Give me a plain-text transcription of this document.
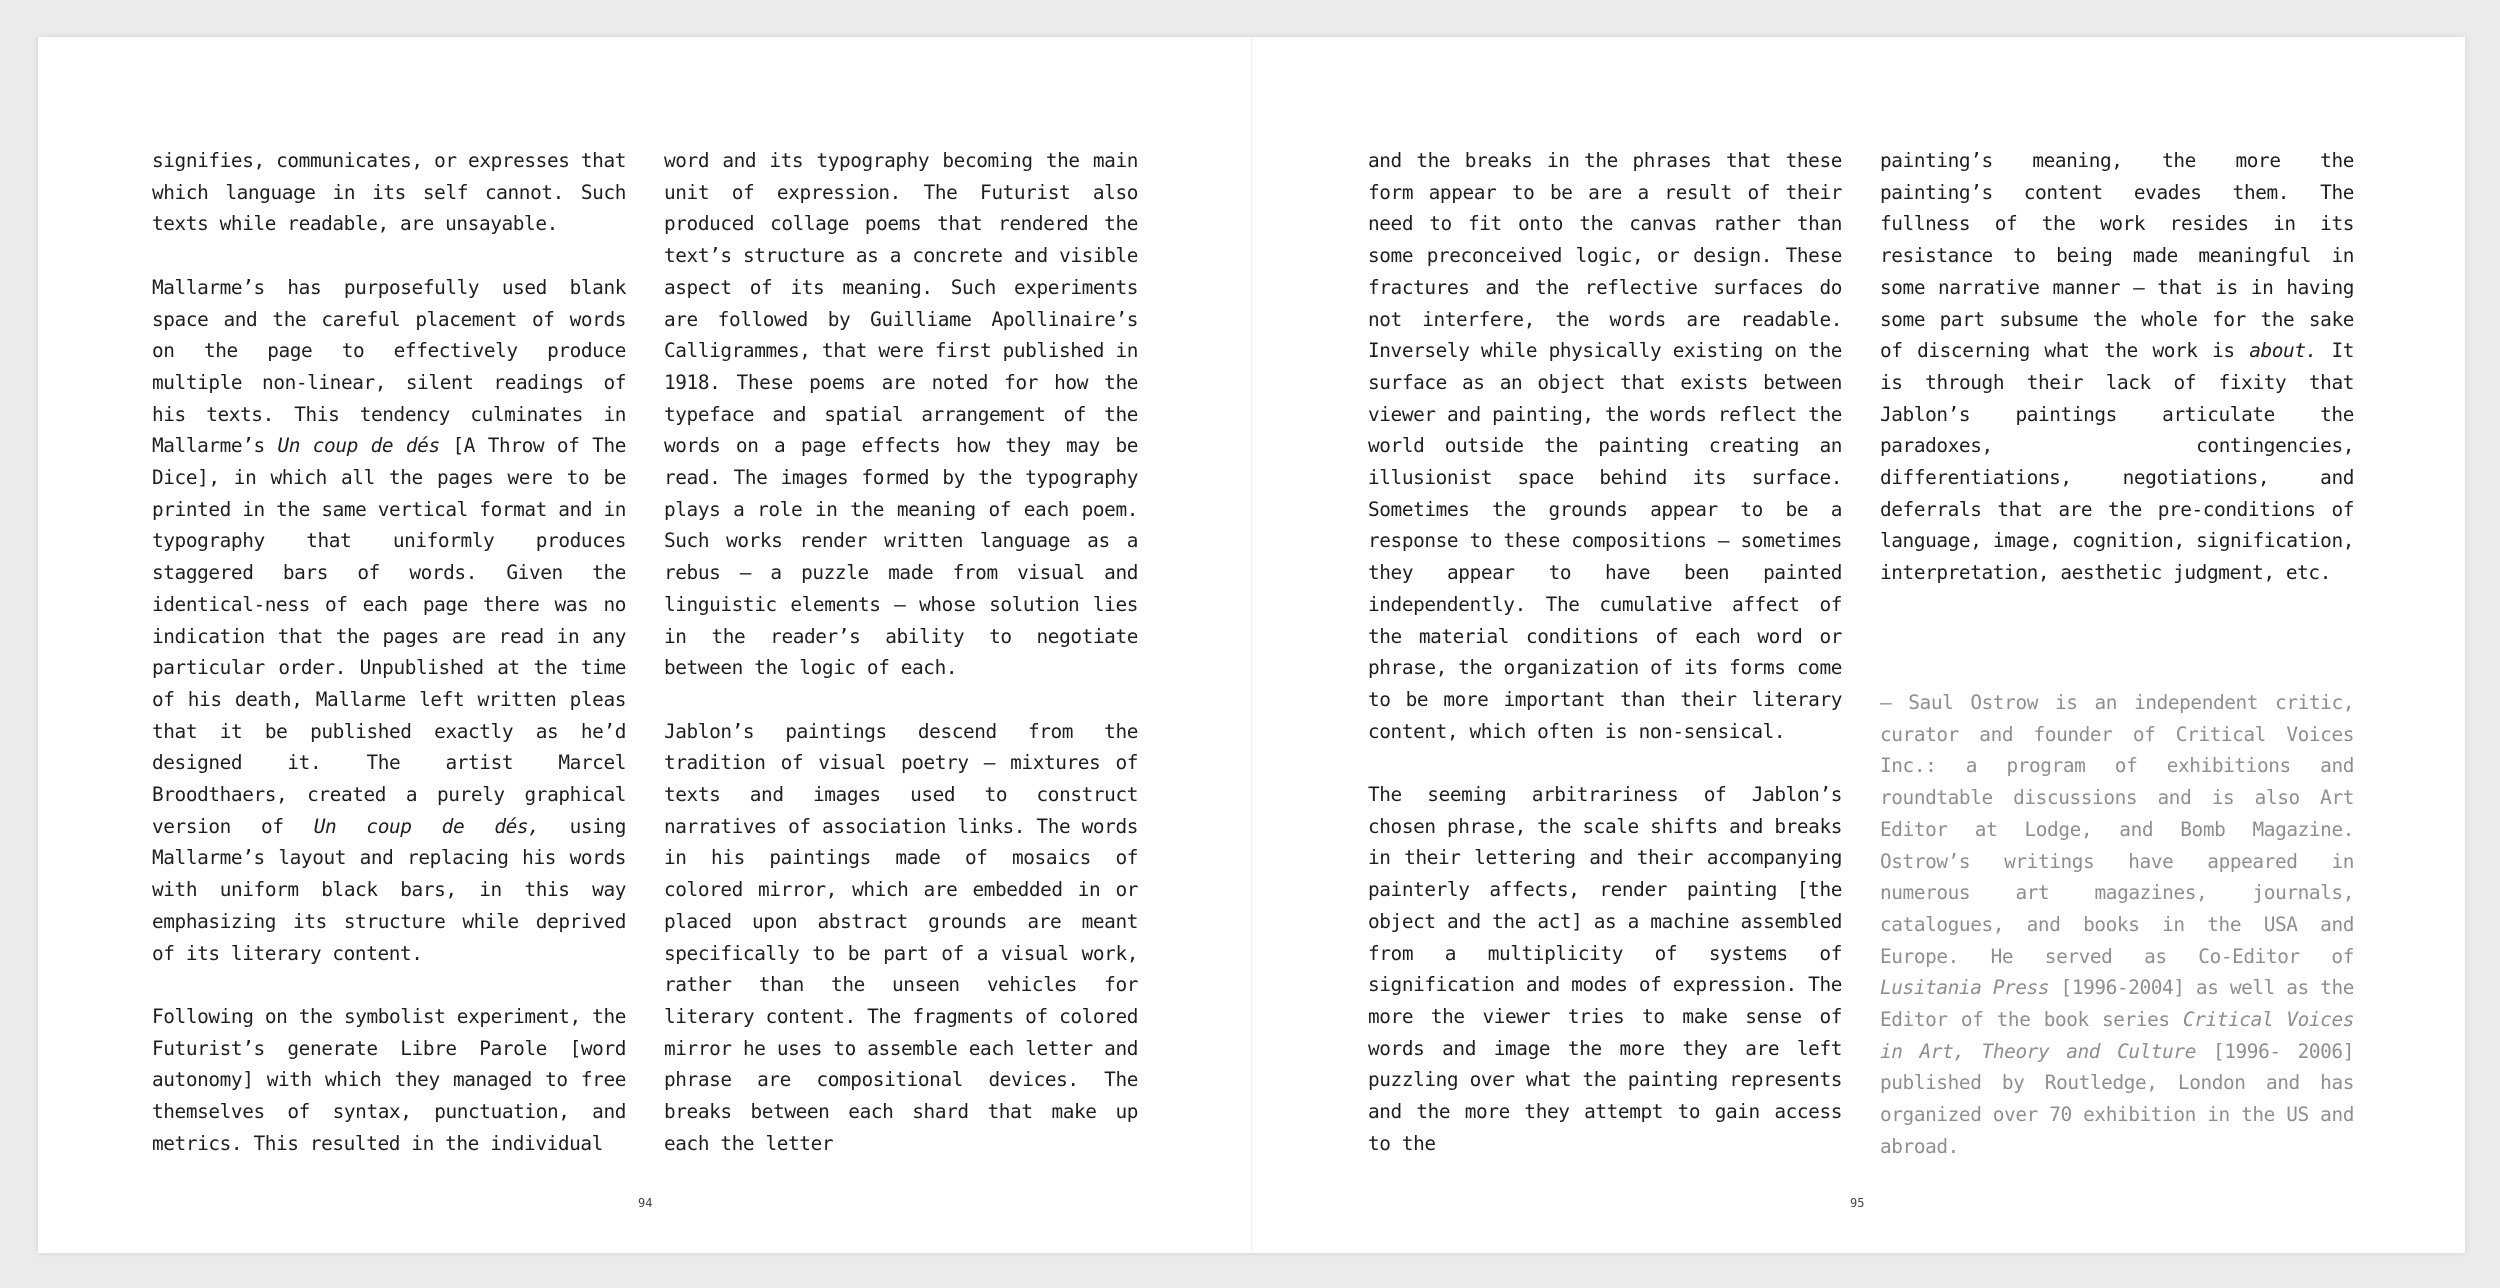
signifies, communicates, or expresses that which language in its self cannot. Such texts while readable, are unsayable.

Mallarme’s has purposefully used blank space and the careful placement of words on the page to effectively produce multiple non-linear, silent readings of his texts. This tendency culminates in Mallarme’s Un coup de dés [A Throw of The Dice], in which all the pages were to be printed in the same vertical format and in typography that uniformly produces staggered bars of words. Given the identical-ness of each page there was no indication that the pages are read in any particular order. Unpublished at the time of his death, Mallarme left written pleas that it be published exactly as he’d designed it. The artist Marcel Broodthaers, created a purely graphical version of Un coup de dés, using Mallarme’s layout and replacing his words with uniform black bars, in this way emphasizing its structure while deprived of its literary content.

Following on the symbolist experiment, the Futurist’s generate Libre Parole [word autonomy] with which they managed to free themselves of syntax, punctuation, and metrics. This resulted in the individual

word and its typography becoming the main unit of expression. The Futurist also produced collage poems that rendered the text’s structure as a concrete and visible aspect of its meaning. Such experiments are followed by Guilliame Apollinaire’s Calligrammes, that were first published in 1918. These poems are noted for how the typeface and spatial arrangement of the words on a page effects how they may be read. The images formed by the typography plays a role in the meaning of each poem. Such works render written language as a rebus — a puzzle made from visual and linguistic elements — whose solution lies in the reader’s ability to negotiate between the logic of each.

Jablon’s paintings descend from the tradition of visual poetry — mixtures of texts and images used to construct narratives of association links. The words in his paintings made of mosaics of colored mirror, which are embedded in or placed upon abstract grounds are meant specifically to be part of a visual work, rather than the unseen vehicles for literary content. The fragments of colored mirror he uses to assemble each letter and phrase are compositional devices. The breaks between each shard that make up each the letter

94

and the breaks in the phrases that these form appear to be are a result of their need to fit onto the canvas rather than some preconceived logic, or design. These fractures and the reflective surfaces do not interfere, the words are readable. Inversely while physically existing on the surface as an object that exists between viewer and painting, the words reflect the world outside the painting creating an illusionist space behind its surface. Sometimes the grounds appear to be a response to these compositions — sometimes they appear to have been painted independently. The cumulative affect of the material conditions of each word or phrase, the organization of its forms come to be more important than their literary content, which often is non-sensical.

The seeming arbitrariness of Jablon’s chosen phrase, the scale shifts and breaks in their lettering and their accompanying painterly affects, render painting [the object and the act] as a machine assembled from a multiplicity of systems of signification and modes of expression. The more the viewer tries to make sense of words and image the more they are left puzzling over what the painting represents and the more they attempt to gain access to the

painting’s meaning, the more the painting’s content evades them. The fullness of the work resides in its resistance to being made meaningful in some narrative manner — that is in having some part subsume the whole for the sake of discerning what the work is about. It is through their lack of fixity that Jablon’s paintings articulate the paradoxes, contingencies, differentiations, negotiations, and deferrals that are the pre-conditions of language, image, cognition, signification, interpretation, aesthetic judgment, etc.

— Saul Ostrow is an independent critic, curator and founder of Critical Voices Inc.: a program of exhibitions and roundtable discussions and is also Art Editor at Lodge, and Bomb Magazine. Ostrow’s writings have appeared in numerous art magazines, journals, catalogues, and books in the USA and Europe. He served as Co-Editor of Lusitania Press [1996-2004] as well as the Editor of the book series Critical Voices in Art, Theory and Culture [1996- 2006] published by Routledge, London and has organized over 70 exhibition in the US and abroad.

95
